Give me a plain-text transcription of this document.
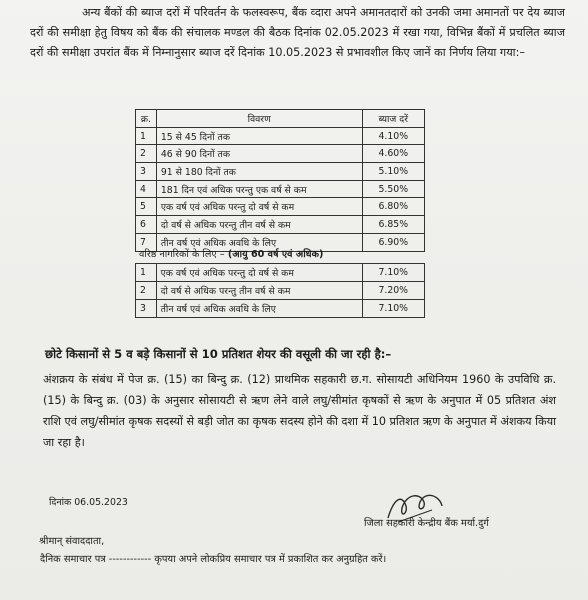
अन्य बैंकों की ब्याज दरों में परिवर्तन के फलस्वरूप, बैंक व्दारा अपने अमानतदारों को उनकी जमा अमानतों पर देय ब्याज दरों की समीक्षा हेतु विषय को बैंक की संचालक मण्डल की बैठक दिनांक 02.05.2023 में रखा गया, विभिन्न बैंकों में प्रचलित ब्याज दरों की समीक्षा उपरांत बैंक में निम्नानुसार ब्याज दरें दिनांक 10.05.2023 से प्रभावशील किए जानें का निर्णय लिया गया:–
क्र.	विवरण	ब्याज दरें
1	15 से 45 दिनों तक	4.10%
2	46 से 90 दिनों तक	4.60%
3	91 से 180 दिनों तक	5.10%
4	181 दिन एवं अधिक परन्तु एक वर्ष से कम	5.50%
5	एक वर्ष एवं अधिक परन्तु दो वर्ष से कम	6.80%
6	दो वर्ष से अधिक परन्तु तीन वर्ष से कम	6.85%
7	तीन वर्ष एवं अधिक अवधि के लिए	6.90%
वरिष्ठ नागरिकों के लिए – (आयु 60 वर्ष एवं अधिक)
1	एक वर्ष एवं अधिक परन्तु दो वर्ष से कम	7.10%
2	दो वर्ष से अधिक परन्तु तीन वर्ष से कम	7.20%
3	तीन वर्ष एवं अधिक अवधि के लिए	7.10%
छोटे किसानों से 5 व बड़े किसानों से 10 प्रतिशत शेयर की वसूली की जा रही है:–
अंशक्रय के संबंध में पेज क्र. (15) का बिन्दु क्र. (12) प्राथमिक सहकारी छ.ग. सोसायटी अधिनियम 1960 के उपविधि क्र.(15) के बिन्दु क्र. (03) के अनुसार सोसायटी से ऋण लेने वाले लघु/सीमांत कृषकों से ऋण के अनुपात में 05 प्रतिशत अंश राशि एवं लघु/सीमांत कृषक सदस्यों से बड़ी जोत का कृषक सदस्य होने की दशा में 10 प्रतिशत ऋण के अनुपात में अंशकय किया जा रहा है।
दिनांक 06.05.2023
जिला सहकारी केन्द्रीय बैंक मर्या.दुर्ग
श्रीमान् संवाददाता,
दैनिक समाचार पत्र ------------ कृपया अपने लोकप्रिय समाचार पत्र में प्रकाशित कर अनुग्रहित करें।
